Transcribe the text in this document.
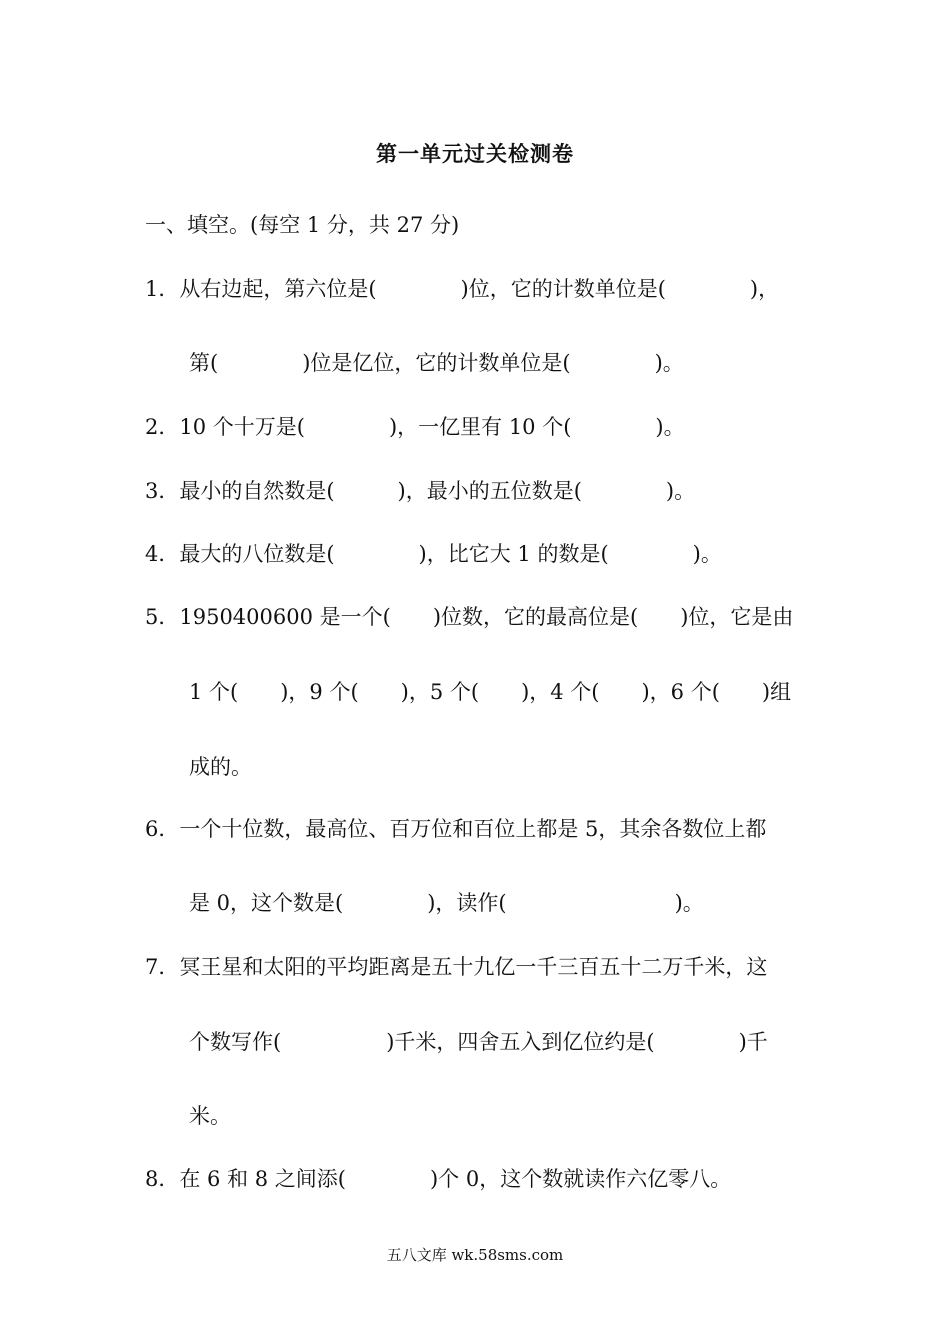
第一单元过关检测卷
一、填空。(每空 1 分，共 27 分)
1．从右边起，第六位是(　　　　)位，它的计数单位是(　　　　)，
第(　　　　)位是亿位，它的计数单位是(　　　　)。
2．10 个十万是(　　　　)，一亿里有 10 个(　　　　)。
3．最小的自然数是(　　　)，最小的五位数是(　　　　)。
4．最大的八位数是(　　　　)，比它大 1 的数是(　　　　)。
5．1950400600 是一个(　　)位数，它的最高位是(　　)位，它是由
1 个(　　)，9 个(　　)，5 个(　　)，4 个(　　)，6 个(　　)组
成的。
6．一个十位数，最高位、百万位和百位上都是 5，其余各数位上都
是 0，这个数是(　　　　)，读作(　　　　　　　　)。
7．冥王星和太阳的平均距离是五十九亿一千三百五十二万千米，这
个数写作(　　　　　)千米，四舍五入到亿位约是(　　　　)千
米。
8．在 6 和 8 之间添(　　　　)个 0，这个数就读作六亿零八。
五八文库 wk.58sms.com
